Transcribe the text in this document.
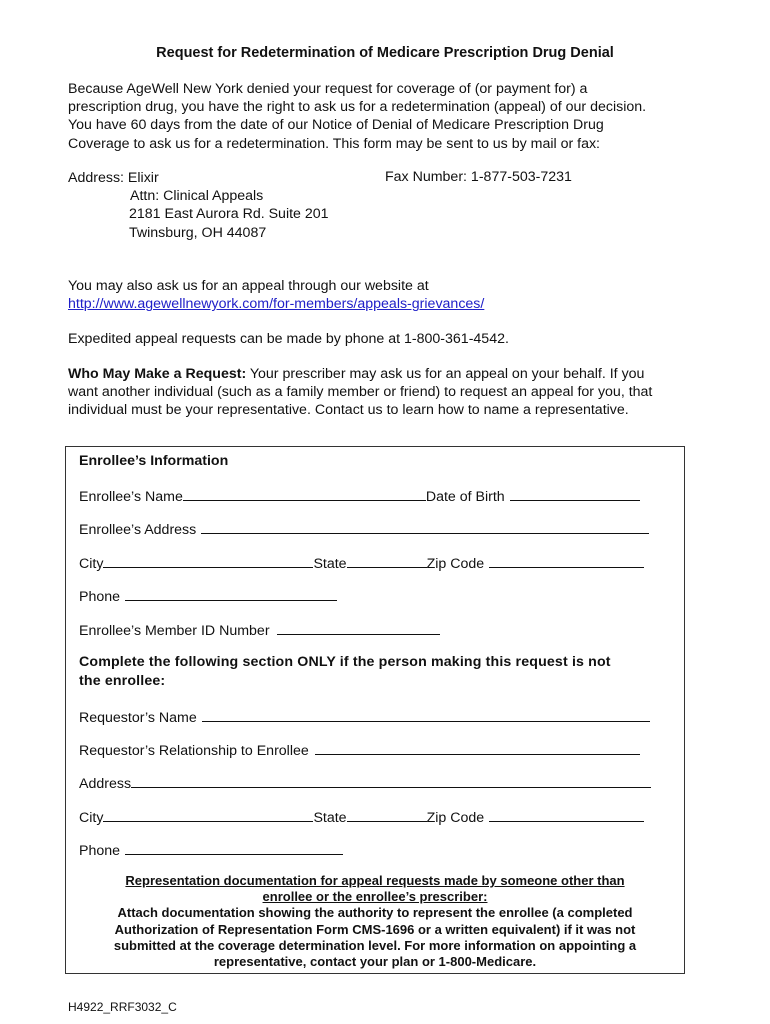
Request for Redetermination of Medicare Prescription Drug Denial
Because AgeWell New York denied your request for coverage of (or payment for) a
prescription drug, you have the right to ask us for a redetermination (appeal) of our decision.
You have 60 days from the date of our Notice of Denial of Medicare Prescription Drug
Coverage to ask us for a redetermination. This form may be sent to us by mail or fax:
Address: Elixir
Attn: Clinical Appeals
2181 East Aurora Rd. Suite 201
Twinsburg, OH 44087
Fax Number: 1-877-503-7231
You may also ask us for an appeal through our website at
http://www.agewellnewyork.com/for-members/appeals-grievances/
Expedited appeal requests can be made by phone at 1-800-361-4542.
Who May Make a Request: Your prescriber may ask us for an appeal on your behalf. If you
want another individual (such as a family member or friend) to request an appeal for you, that
individual must be your representative. Contact us to learn how to name a representative.
Enrollee’s Information
Enrollee’s Name	Date of Birth
Enrollee’s Address
City	State	Zip Code
Phone
Enrollee’s Member ID Number
Complete the following section ONLY if the person making this request is not
the enrollee:
Requestor’s Name
Requestor’s Relationship to Enrollee
Address
City	State	Zip Code
Phone
Representation documentation for appeal requests made by someone other than
enrollee or the enrollee’s prescriber:
Attach documentation showing the authority to represent the enrollee (a completed
Authorization of Representation Form CMS-1696 or a written equivalent) if it was not
submitted at the coverage determination level. For more information on appointing a
representative, contact your plan or 1-800-Medicare.
H4922_RRF3032_C
